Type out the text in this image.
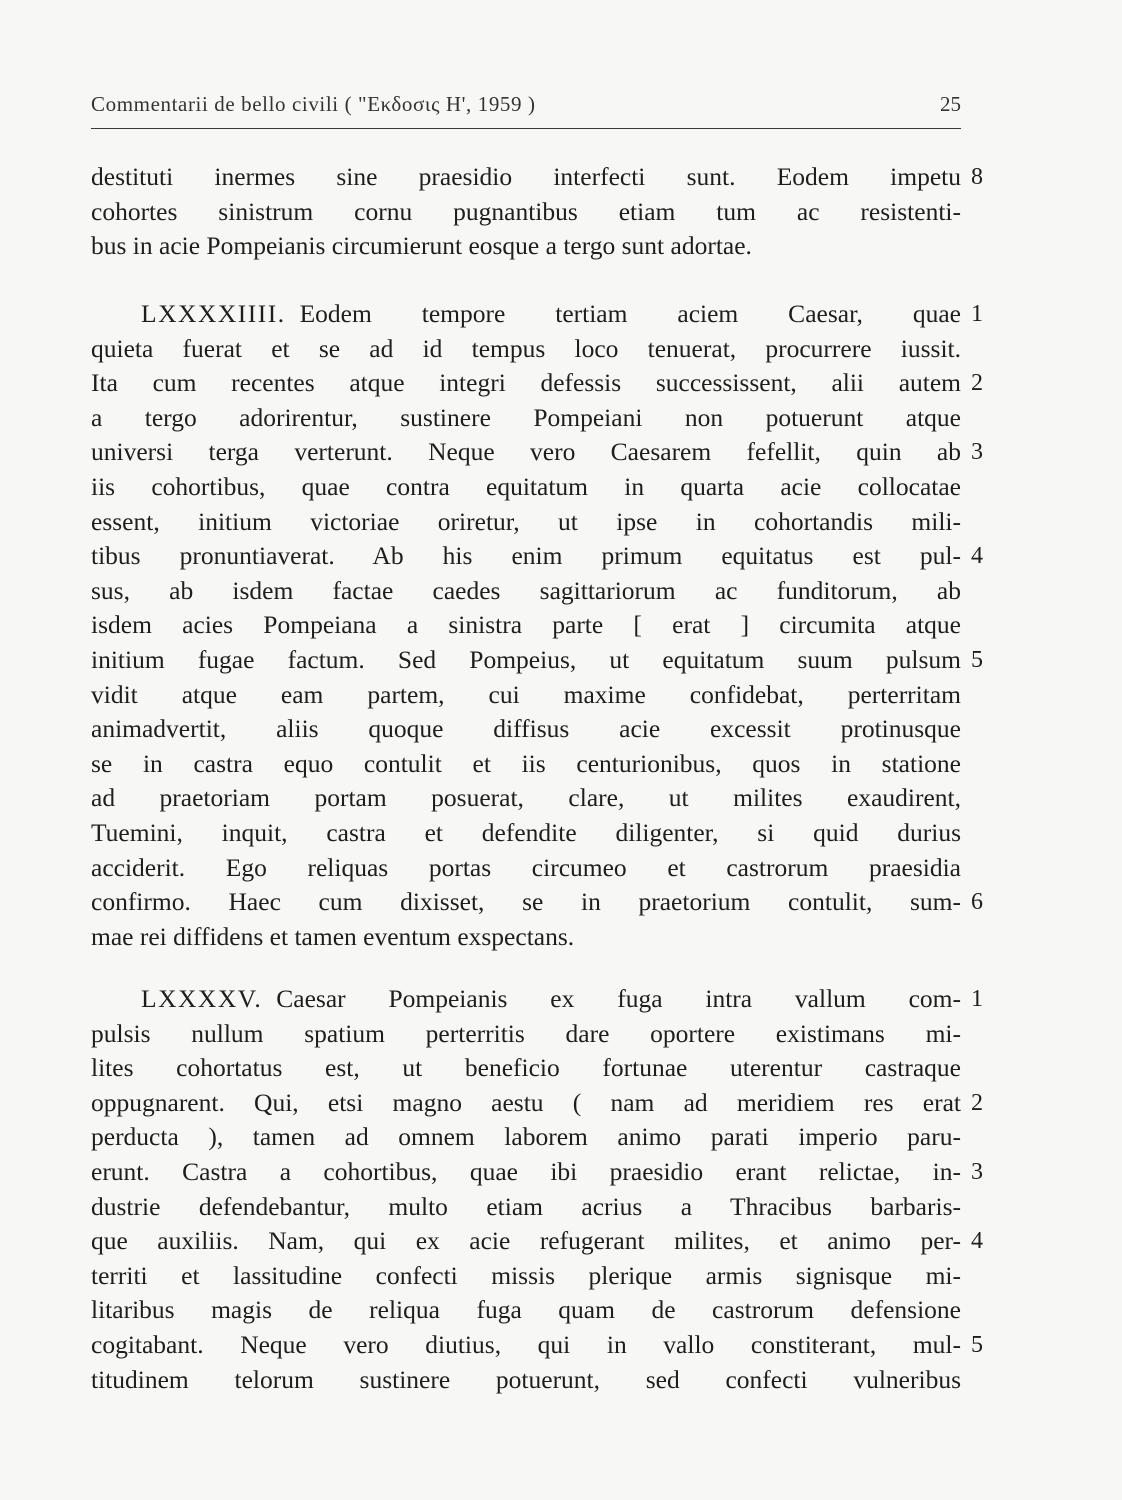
Commentarii de bello civili ( "Εκδοσις Η', 1959 )	25
destituti inermes sine praesidio interfecti sunt. Eodem impetu 8
cohortes sinistrum cornu pugnantibus etiam tum ac resistenti-
bus in acie Pompeianis circumierunt eosque a tergo sunt adortae.
LXXXXIIII. Eodem tempore tertiam aciem Caesar, quae 1
quieta fuerat et se ad id tempus loco tenuerat, procurrere iussit.
Ita cum recentes atque integri defessis successissent, alii autem 2
a tergo adorirentur, sustinere Pompeiani non potuerunt atque
universi terga verterunt. Neque vero Caesarem fefellit, quin ab 3
iis cohortibus, quae contra equitatum in quarta acie collocatae
essent, initium victoriae oriretur, ut ipse in cohortandis mili-
tibus pronuntiaverat. Ab his enim primum equitatus est pul- 4
sus, ab isdem factae caedes sagittariorum ac funditorum, ab
isdem acies Pompeiana a sinistra parte [ erat ] circumita atque
initium fugae factum. Sed Pompeius, ut equitatum suum pulsum 5
vidit atque eam partem, cui maxime confidebat, perterritam
animadvertit, aliis quoque diffisus acie excessit protinusque
se in castra equo contulit et iis centurionibus, quos in statione
ad praetoriam portam posuerat, clare, ut milites exaudirent,
Tuemini, inquit, castra et defendite diligenter, si quid durius
acciderit. Ego reliquas portas circumeo et castrorum praesidia
confirmo. Haec cum dixisset, se in praetorium contulit, sum- 6
mae rei diffidens et tamen eventum exspectans.
LXXXXV. Caesar Pompeianis ex fuga intra vallum com- 1
pulsis nullum spatium perterritis dare oportere existimans mi-
lites cohortatus est, ut beneficio fortunae uterentur castraque
oppugnarent. Qui, etsi magno aestu ( nam ad meridiem res erat 2
perducta ), tamen ad omnem laborem animo parati imperio paru-
erunt. Castra a cohortibus, quae ibi praesidio erant relictae, in- 3
dustrie defendebantur, multo etiam acrius a Thracibus barbaris-
que auxiliis. Nam, qui ex acie refugerant milites, et animo per- 4
territi et lassitudine confecti missis plerique armis signisque mi-
litaribus magis de reliqua fuga quam de castrorum defensione
cogitabant. Neque vero diutius, qui in vallo constiterant, mul- 5
titudinem telorum sustinere potuerunt, sed confecti vulneribus
